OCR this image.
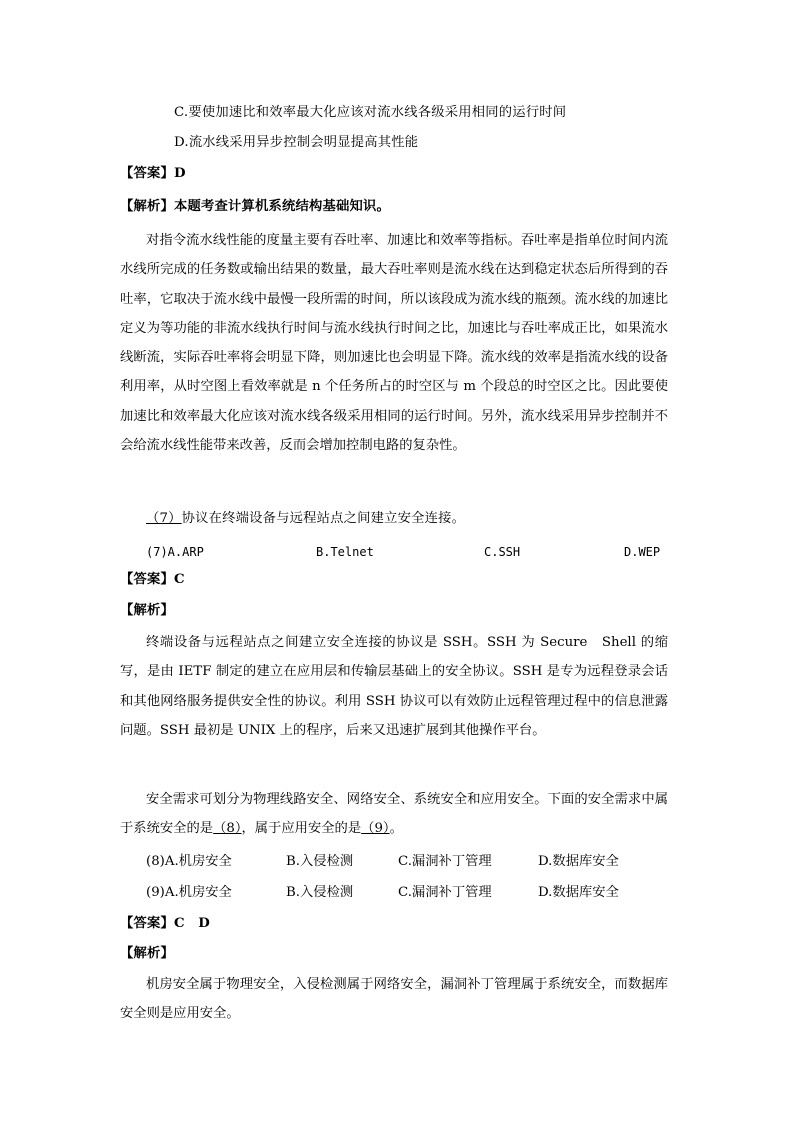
C.要使加速比和效率最大化应该对流水线各级采用相同的运行时间
D.流水线采用异步控制会明显提高其性能
【答案】D
【解析】本题考查计算机系统结构基础知识。
对指令流水线性能的度量主要有吞吐率、加速比和效率等指标。吞吐率是指单位时间内流水线所完成的任务数或输出结果的数量，最大吞吐率则是流水线在达到稳定状态后所得到的吞吐率，它取决于流水线中最慢一段所需的时间，所以该段成为流水线的瓶颈。流水线的加速比定义为等功能的非流水线执行时间与流水线执行时间之比，加速比与吞吐率成正比，如果流水线断流，实际吞吐率将会明显下降，则加速比也会明显下降。流水线的效率是指流水线的设备利用率，从时空图上看效率就是 n 个任务所占的时空区与 m 个段总的时空区之比。因此要使加速比和效率最大化应该对流水线各级采用相同的运行时间。另外，流水线采用异步控制并不会给流水线性能带来改善，反而会增加控制电路的复杂性。
（7）协议在终端设备与远程站点之间建立安全连接。
(7)A.ARP	B.Telnet	C.SSH	D.WEP
【答案】C
【解析】
终端设备与远程站点之间建立安全连接的协议是 SSH。SSH 为 Secure　Shell 的缩写，是由 IETF 制定的建立在应用层和传输层基础上的安全协议。SSH 是专为远程登录会话和其他网络服务提供安全性的协议。利用 SSH 协议可以有效防止远程管理过程中的信息泄露问题。SSH 最初是 UNIX 上的程序，后来又迅速扩展到其他操作平台。
安全需求可划分为物理线路安全、网络安全、系统安全和应用安全。下面的安全需求中属于系统安全的是（8），属于应用安全的是（9）。
(8)A.机房安全	B.入侵检测	C.漏洞补丁管理	D.数据库安全
(9)A.机房安全	B.入侵检测	C.漏洞补丁管理	D.数据库安全
【答案】C　D
【解析】
机房安全属于物理安全，入侵检测属于网络安全，漏洞补丁管理属于系统安全，而数据库安全则是应用安全。
